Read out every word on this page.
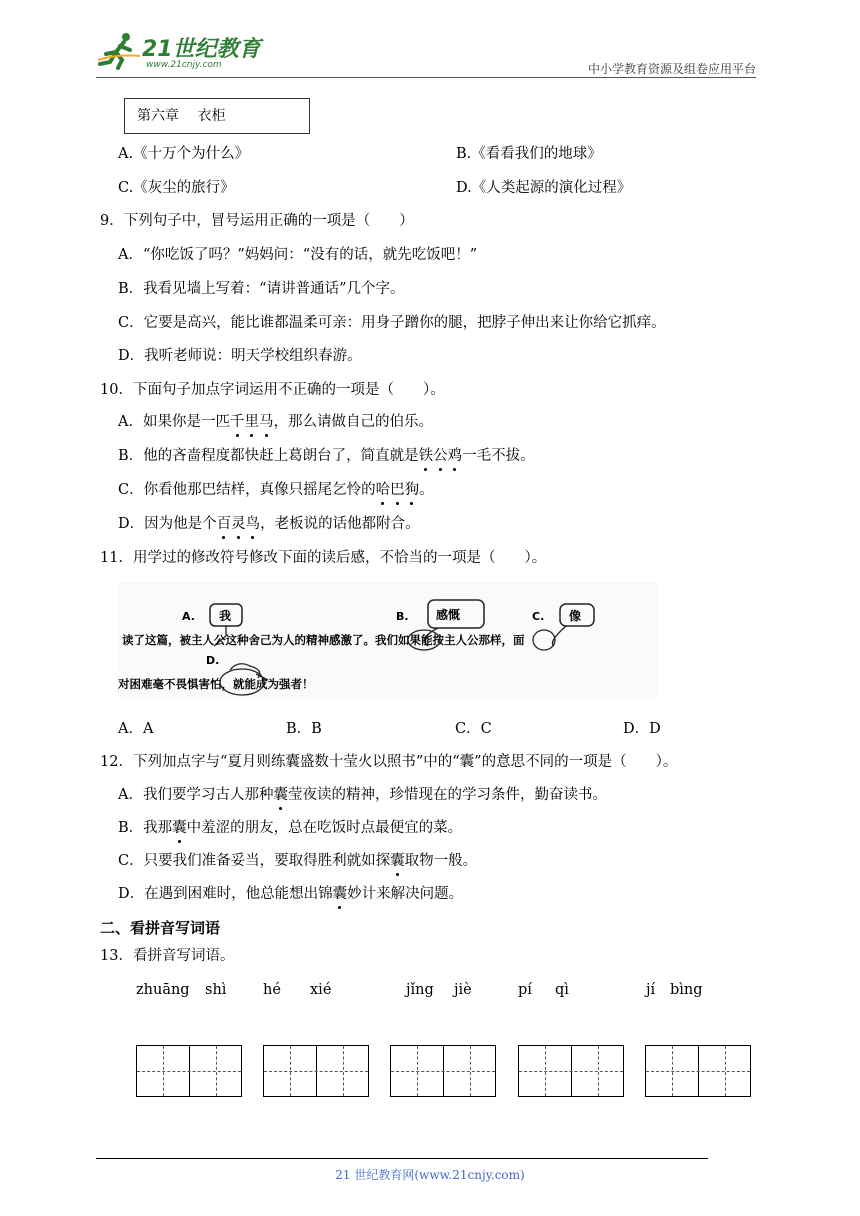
21世纪教育
www.21cnjy.com	中小学教育资源及组卷应用平台
第六章 衣柜
A.《十万个为什么》	B.《看看我们的地球》
C.《灰尘的旅行》	D.《人类起源的演化过程》
9．下列句子中，冒号运用正确的一项是（　　）
A．“你吃饭了吗？”妈妈问：“没有的话，就先吃饭吧！”
B．我看见墙上写着：“请讲普通话”几个字。
C．它要是高兴，能比谁都温柔可亲：用身子蹭你的腿，把脖子伸出来让你给它抓痒。
D．我听老师说：明天学校组织春游。
10．下面句子加点字词运用不正确的一项是（　　）。
A．如果你是一匹千里马，那么请做自己的伯乐。
B．他的吝啬程度都快赶上葛朗台了，简直就是铁公鸡一毛不拔。
C．你看他那巴结样，真像只摇尾乞怜的哈巴狗。
D．因为他是个百灵鸟，老板说的话他都附合。
11．用学过的修改符号修改下面的读后感，不恰当的一项是（　　）。
A. 我	B. 感慨	C. 像
读了这篇，被主人公这种舍己为人的精神感激了。我们如果能按主人公那样，面
D.
对困难毫不畏惧害怕，就能成为强者！
A．A	B．B	C．C	D．D
12．下列加点字与“夏月则练囊盛数十莹火以照书”中的“囊”的意思不同的一项是（　　）。
A．我们要学习古人那种囊莹夜读的精神，珍惜现在的学习条件，勤奋读书。
B．我那囊中羞涩的朋友，总在吃饭时点最便宜的菜。
C．只要我们准备妥当，要取得胜利就如探囊取物一般。
D．在遇到困难时，他总能想出锦囊妙计来解决问题。
二、看拼音写词语
13．看拼音写词语。
zhuāng shì	hé xié	jǐng jiè	pí qì	jí bìng
21 世纪教育网(www.21cnjy.com)
